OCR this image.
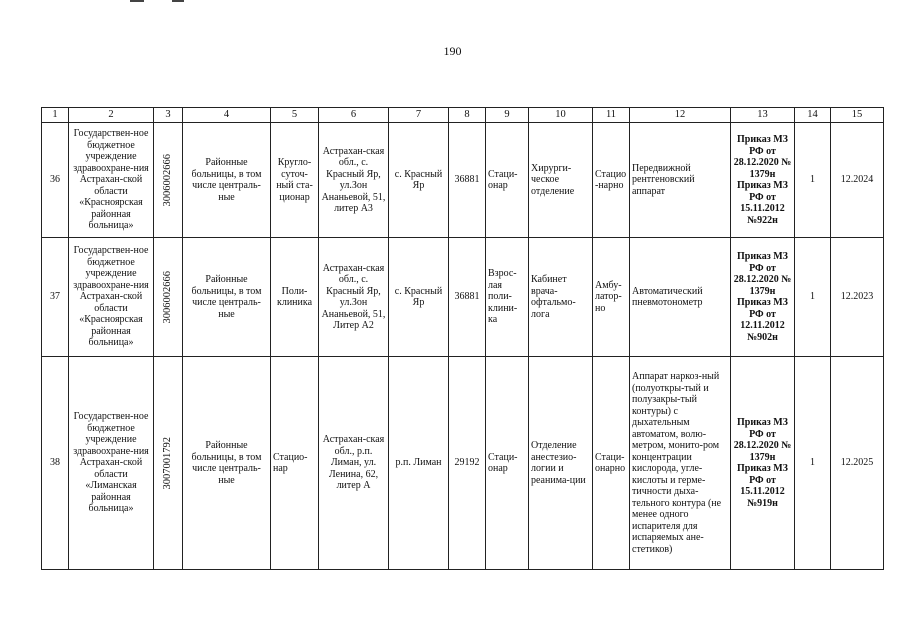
190
1	2	3	4	5	6	7	8	9	10	11	12	13	14	15
36	Государствен-ное бюджетное учреждение здравоохране-ния Астрахан-ской области «Красноярская районная больница»	3006002666	Районные больницы, в том числе централь-ные	Кругло-суточ-ный ста-ционар	Астрахан-ская обл., с. Красный Яр, ул.Зон Ананьевой, 51, литер А3	с. Красный Яр	36881	Стаци-онар	Хирурги-ческое отделение	Стацио-нарно	Передвижной рентгеновский аппарат	Приказ МЗ РФ от 28.12.2020 № 1379н Приказ МЗ РФ от 15.11.2012 №922н	1	12.2024
37	Государствен-ное бюджетное учреждение здравоохране-ния Астрахан-ской области «Красноярская районная больница»	3006002666	Районные больницы, в том числе централь-ные	Поли-клиника	Астрахан-ская обл., с. Красный Яр, ул.Зон Ананьевой, 51, Литер А2	с. Красный Яр	36881	Взрос-лая поли-клини-ка	Кабинет врача-офтальмо-лога	Амбу-латор-но	Автоматический пневмотонометр	Приказ МЗ РФ от 28.12.2020 № 1379н Приказ МЗ РФ от 12.11.2012 №902н	1	12.2023
38	Государствен-ное бюджетное учреждение здравоохране-ния Астрахан-ской области «Лиманская районная больница»	3007001792	Районные больницы, в том числе централь-ные	Стацио-нар	Астрахан-ская обл., р.п. Лиман, ул. Ленина, 62, литер А	р.п. Лиман	29192	Стаци-онар	Отделение анестезио-логии и реанима-ции	Стаци-онарно	Аппарат наркоз-ный (полуоткры-тый и полузакры-тый контуры) с дыхательным автоматом, волю-метром, монито-ром концентрации кислорода, угле-кислоты и герме-тичности дыха-тельного контура (не менее одного испарителя для испаряемых ане-стетиков)	Приказ МЗ РФ от 28.12.2020 № 1379н Приказ МЗ РФ от 15.11.2012 №919н	1	12.2025
